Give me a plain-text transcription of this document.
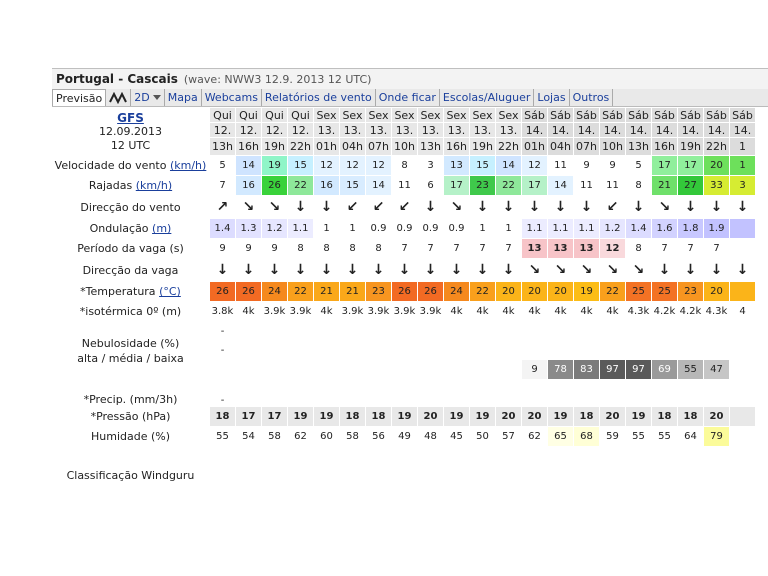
Portugal - Cascais (wave: NWW3 12.9. 2013 12 UTC)
Previsão	2D Mapa Webcams Relatórios de vento Onde ficar Escolas/Aluguer Lojas Outros
GFS
12.09.2013
12 UTC	Qui	Qui	Qui	Qui	Sex	Sex	Sex	Sex	Sex	Sex	Sex	Sex	Sáb	Sáb	Sáb	Sáb	Sáb	Sáb	Sáb	Sáb	Sáb
	12.	12.	12.	12.	13.	13.	13.	13.	13.	13.	13.	13.	14.	14.	14.	14.	14.	14.	14.	14.	14.
	13h	16h	19h	22h	01h	04h	07h	10h	13h	16h	19h	22h	01h	04h	07h	10h	13h	16h	19h	22h	1
Velocidade do vento (km/h)	5	14	19	15	12	12	12	8	3	13	15	14	12	11	9	9	5	17	17	20	1
Rajadas (km/h)	7	16	26	22	16	15	14	11	6	17	23	22	17	14	11	11	8	21	27	33	3
Direcção do vento	↗	↘	↘	↓	↓	↙	↙	↙	↓	↘	↓	↓	↓	↓	↓	↙	↓	↘	↓	↓	↓
Ondulação (m)	1.4	1.3	1.2	1.1	1	1	0.9	0.9	0.9	0.9	1	1	1.1	1.1	1.1	1.2	1.4	1.6	1.8	1.9	
Período da vaga (s)	9	9	9	8	8	8	8	7	7	7	7	7	13	13	13	12	8	7	7	7	
Direcção da vaga	↓	↓	↓	↓	↓	↓	↓	↓	↓	↓	↓	↓	↘	↘	↘	↘	↘	↓	↓	↓	↓
*Temperatura (°C)	26	26	24	22	21	21	23	26	26	24	22	20	20	20	19	22	25	25	23	20	
*isotérmica 0º (m)	3.8k	4k	3.9k	3.9k	4k	3.9k	3.9k	3.9k	3.9k	4k	4k	4k	4k	4k	4k	4k	4.3k	4.2k	4.2k	4.3k	4

Nebulosidade (%)
alta / média / baixa	-																				
	-																				
													9	78	83	97	97	69	55	47	
*Precip. (mm/3h)	-																				
*Pressão (hPa)	18	17	17	19	19	18	18	19	20	19	19	20	20	19	18	20	19	18	18	20	
Humidade (%)	55	54	58	62	60	58	56	49	48	45	50	57	62	65	68	59	55	55	64	79	

Classificação Windguru																					
